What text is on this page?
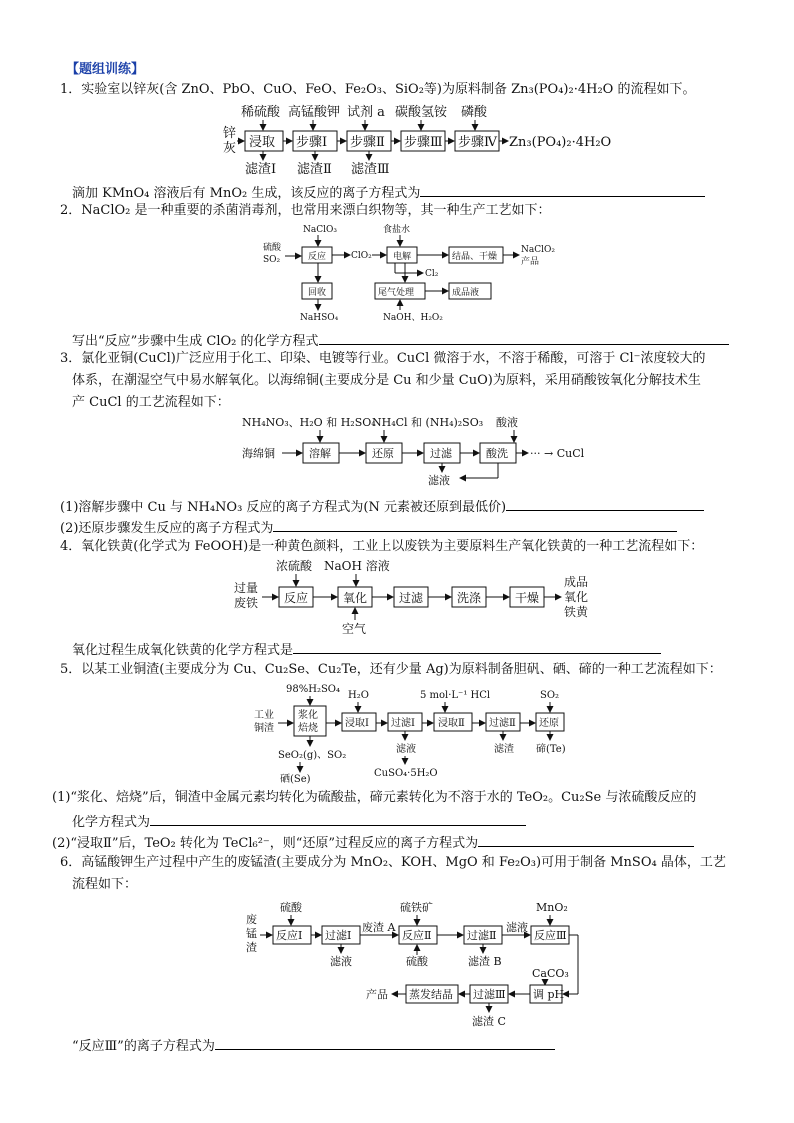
【题组训练】
1．实验室以锌灰(含 ZnO、PbO、CuO、FeO、Fe₂O₃、SiO₂等)为原料制备 Zn₃(PO₄)₂·4H₂O 的流程如下。
稀硫酸 高锰酸钾 试剂 a 碳酸氢铵 磷酸
锌
灰 浸取 步骤Ⅰ 步骤Ⅱ 步骤Ⅲ 步骤Ⅳ Zn₃(PO₄)₂·4H₂O
滤渣Ⅰ 滤渣Ⅱ 滤渣Ⅲ
滴加 KMnO₄ 溶液后有 MnO₂ 生成，该反应的离子方程式为
2．NaClO₂ 是一种重要的杀菌消毒剂，也常用来漂白织物等，其一种生产工艺如下：
NaClO₃
硫酸
SO₂	反应	ClO₂
食盐水
电解
Cl₂
结晶、干燥
NaClO₂
产品
回收
NaHSO₄
尾气处理	成品液
NaOH、H₂O₂
写出“反应”步骤中生成 ClO₂ 的化学方程式
3．氯化亚铜(CuCl)广泛应用于化工、印染、电镀等行业。CuCl 微溶于水，不溶于稀酸，可溶于 Cl⁻浓度较大的
体系，在潮湿空气中易水解氧化。以海绵铜(主要成分是 Cu 和少量 CuO)为原料，采用硝酸铵氧化分解技术生
产 CuCl 的工艺流程如下：
NH₄NO₃、H₂O 和 H₂SO₄
NH₄Cl 和 (NH₄)₂SO₃ 酸液
海绵铜	溶解	还原	过滤	酸洗 ··· → CuCl
滤液
(1)溶解步骤中 Cu 与 NH₄NO₃ 反应的离子方程式为(N 元素被还原到最低价)
(2)还原步骤发生反应的离子方程式为
4．氧化铁黄(化学式为 FeOOH)是一种黄色颜料，工业上以废铁为主要原料生产氧化铁黄的一种工艺流程如下：
浓硫酸 NaOH 溶液
过量
废铁 反应	氧化	过滤	洗涤	干燥
成品
氧化
铁黄
空气
氧化过程生成氧化铁黄的化学方程式是
5．以某工业铜渣(主要成分为 Cu、Cu₂Se、Cu₂Te，还有少量 Ag)为原料制备胆矾、硒、碲的一种工艺流程如下：
98%H₂SO₄
H₂O	5 mol·L⁻¹ HCl	SO₂
工业
铜渣
浆化
焙烧	浸取Ⅰ 过滤Ⅰ 浸取Ⅱ 过滤Ⅱ 还原
SeO₂(g)、SO₂
硒(Se)
滤液
CuSO₄·5H₂O
滤渣 碲(Te)
(1)“浆化、焙烧”后，铜渣中金属元素均转化为硫酸盐，碲元素转化为不溶于水的 TeO₂。Cu₂Se 与浓硫酸反应的
化学方程式为
(2)“浸取Ⅱ”后，TeO₂ 转化为 TeCl₆²⁻，则“还原”过程反应的离子方程式为
6．高锰酸钾生产过程中产生的废锰渣(主要成分为 MnO₂、KOH、MgO 和 Fe₂O₃)可用于制备 MnSO₄ 晶体，工艺
流程如下：
废
锰
渣
硫酸
反应Ⅰ 过滤Ⅰ
滤液
废渣 A
硫铁矿
反应Ⅱ
硫酸
过滤Ⅱ
滤渣 B
滤液
MnO₂
反应Ⅲ
CaCO₃
调 pH
过滤Ⅲ
滤渣 C
蒸发结晶
产品
“反应Ⅲ”的离子方程式为
